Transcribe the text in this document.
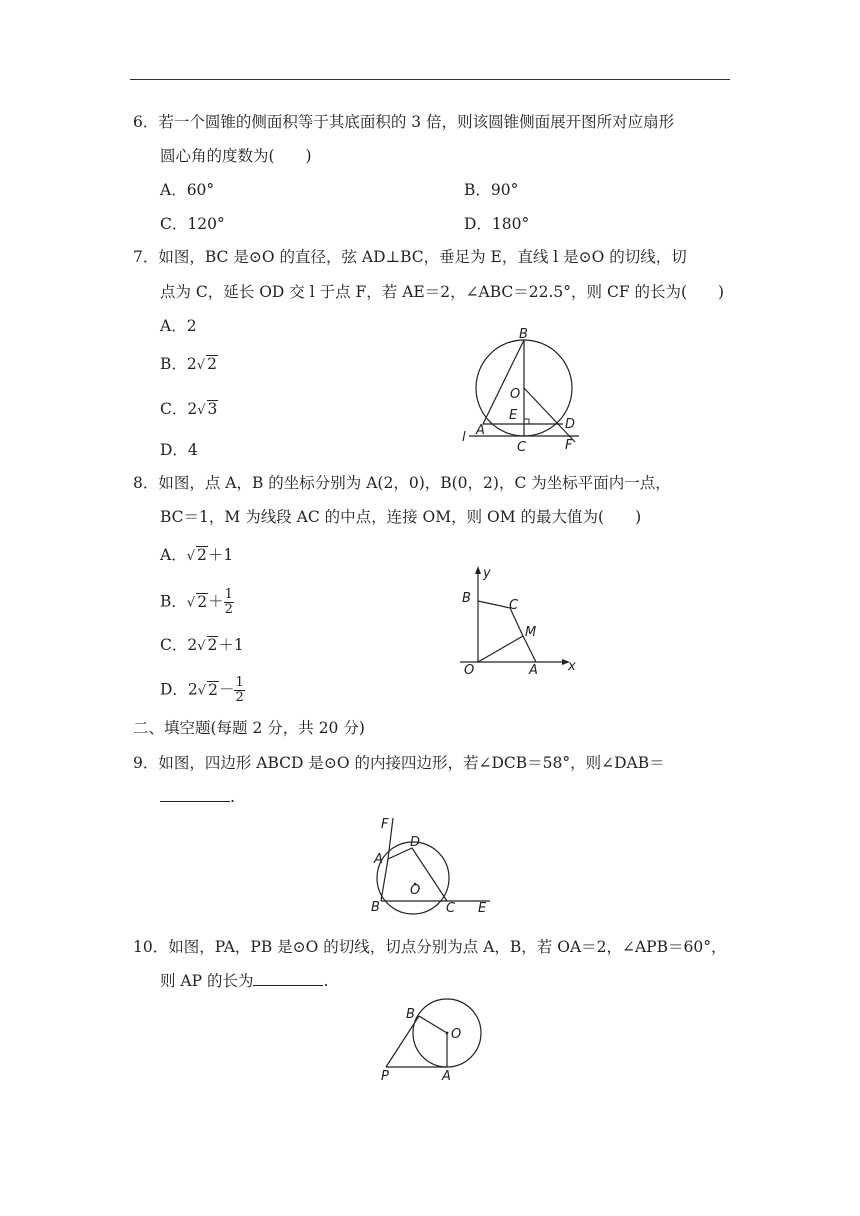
6．若一个圆锥的侧面积等于其底面积的 3 倍，则该圆锥侧面展开图所对应扇形
圆心角的度数为(　　)
A．60°	B．90°
C．120°	D．180°
7．如图，BC 是⊙O 的直径，弦 AD⊥BC，垂足为 E，直线 l 是⊙O 的切线，切
点为 C，延长 OD 交 l 于点 F，若 AE＝2，∠ABC＝22.5°，则 CF 的长为(　　)
A．2
B．2√ 2
C．2√ 3
D．4
B
O
E
A
C
D
F
l
8．如图，点 A，B 的坐标分别为 A(2，0)，B(0，2)，C 为坐标平面内一点，
BC＝1，M 为线段 AC 的中点，连接 OM，则 OM 的最大值为(　　)
A．√ 2＋1
B．√ $2+ \frac{1}{2}$
C．2√ 2＋1
D．2√ $2- \frac{1}{2}$
y
x
B	C
M
O	A
二、填空题(每题 2 分，共 20 分)
9．如图，四边形 ABCD 是⊙O 的内接四边形，若∠DCB＝58°，则∠DAB＝
.
F
D
A
O
B	C E
10．如图，PA，PB 是⊙O 的切线，切点分别为点 A，B，若 OA＝2，∠APB＝60°，
则 AP 的长为	.
B
O
P	A
